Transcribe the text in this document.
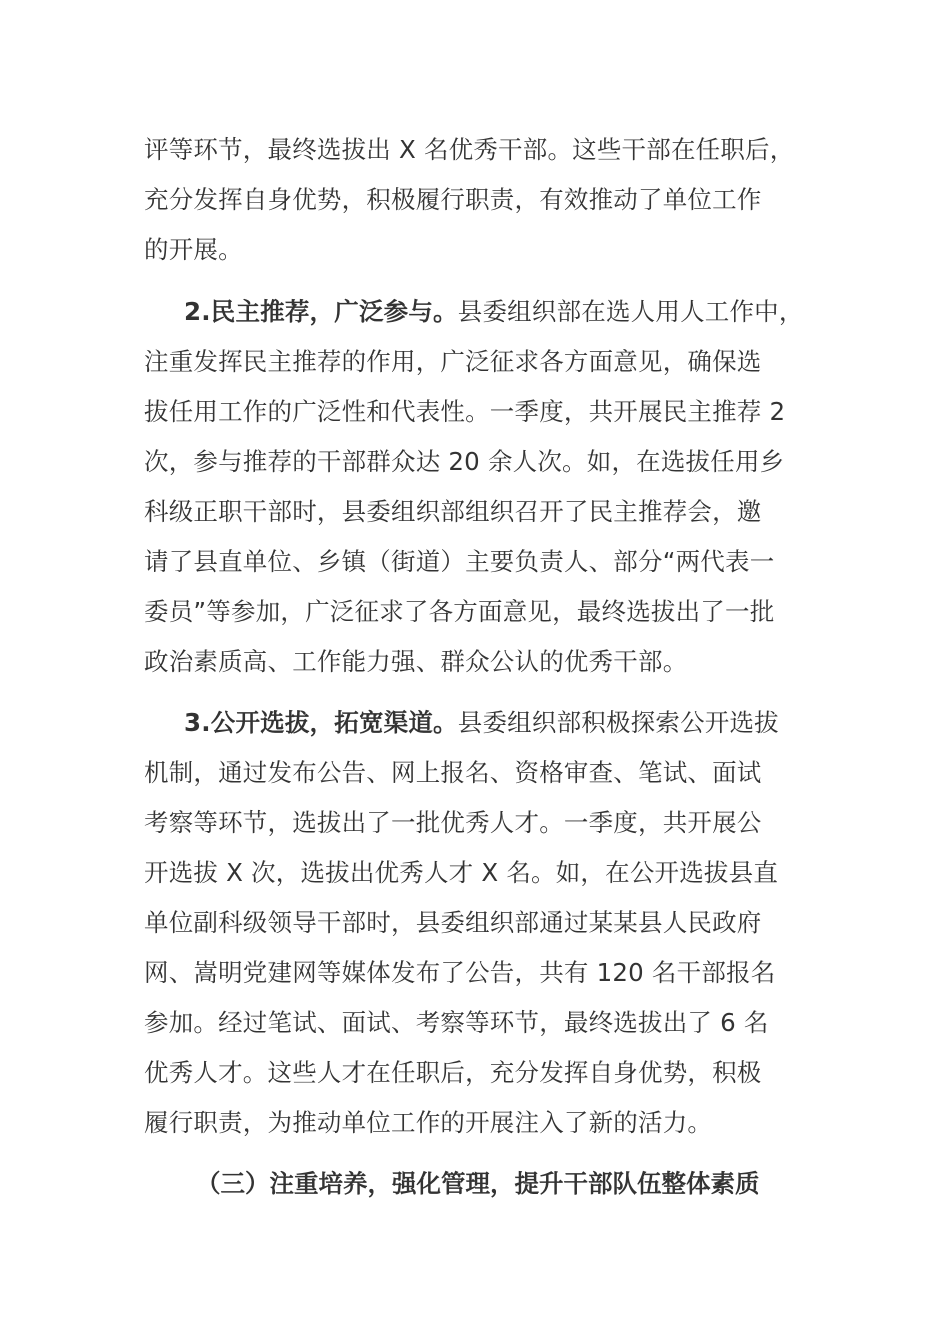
评等环节，最终选拔出 X 名优秀干部。这些干部在任职后，
充分发挥自身优势，积极履行职责，有效推动了单位工作
的开展。
2.民主推荐，广泛参与。县委组织部在选人用人工作中，
注重发挥民主推荐的作用，广泛征求各方面意见，确保选
拔任用工作的广泛性和代表性。一季度，共开展民主推荐 2
次，参与推荐的干部群众达 20 余人次。如，在选拔任用乡
科级正职干部时，县委组织部组织召开了民主推荐会，邀
请了县直单位、乡镇（街道）主要负责人、部分“两代表一
委员”等参加，广泛征求了各方面意见，最终选拔出了一批
政治素质高、工作能力强、群众公认的优秀干部。
3.公开选拔，拓宽渠道。县委组织部积极探索公开选拔
机制，通过发布公告、网上报名、资格审查、笔试、面试
考察等环节，选拔出了一批优秀人才。一季度，共开展公
开选拔 X 次，选拔出优秀人才 X 名。如，在公开选拔县直
单位副科级领导干部时，县委组织部通过某某县人民政府
网、嵩明党建网等媒体发布了公告，共有 120 名干部报名
参加。经过笔试、面试、考察等环节，最终选拔出了 6 名
优秀人才。这些人才在任职后，充分发挥自身优势，积极
履行职责，为推动单位工作的开展注入了新的活力。
（三）注重培养，强化管理，提升干部队伍整体素质
